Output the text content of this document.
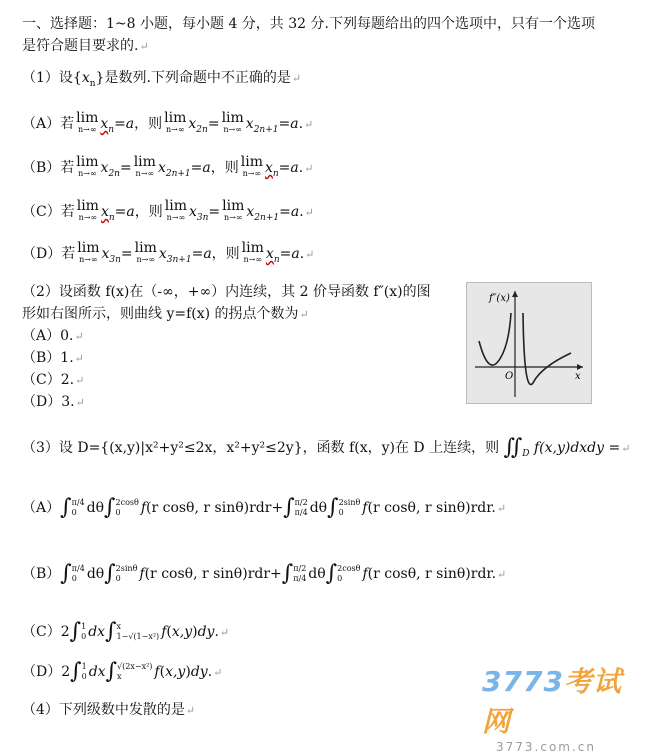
一、选择题：1~8 小题，每小题 4 分，共 32 分.下列每题给出的四个选项中，只有一个选项
是符合题目要求的.↵
（1）设$\{x_n\}$是数列.下列命题中不正确的是↵
（A）若 lim
n→∞ $x_n=a$，则 lim
n→∞ $x_{2n}= \lim$
n→∞ $x_{2n+1}=a.↵$
（B）若 lim
n→∞ $x_{2n}= \lim$
n→∞ $x_{2n+1}=a$，则 lim
n→∞ $x_n=a.↵$
（C）若 lim
n→∞ $x_n=a$，则 lim
n→∞ $x_{3n}= \lim$
n→∞ $x_{2n+1}=a.↵$
（D）若 lim
n→∞ $x_{3n}= \lim$
n→∞ $x_{3n+1}=a$，则 lim
n→∞ $x_n=a.↵$
（2）设函数 f(x)在（-∞，+∞）内连续，其 2 价导函数 f″(x)的图
形如右图所示，则曲线 y=f(x) 的拐点个数为↵
（A）0.↵
（B）1.↵
（C）2.↵
（D）3.↵
f″(x)
O	x
（3）设 D={(x,y)|x²+y²≤2x，x²+y²≤2y}，函数 f(x，y)在 D 上连续，则 $∬_D$ f(x,y)dxdy =↵
（A）∫ π/4
0 dθ∫ 2cosθ
0	f(r cosθ, r sinθ)rdr+∫ π/2
π/4 dθ∫ 2sinθ
0	f(r cosθ, r sinθ)rdr.↵
（B）∫ π/4
0 dθ∫ 2sinθ
0	f(r cosθ, r sinθ)rdr+∫ π/2
π/4 dθ∫ 2cosθ
0	f(r cosθ, r sinθ)rdr.↵
（C）2∫ 1
0 dx∫ x
1−√(1−x²) f(x,y)dy.↵
（D）2∫ 1
0 dx∫ √(2x−x²)
x	f(x,y)dy.↵
（4）下列级数中发散的是↵
3773考试网
3773.com.cn
